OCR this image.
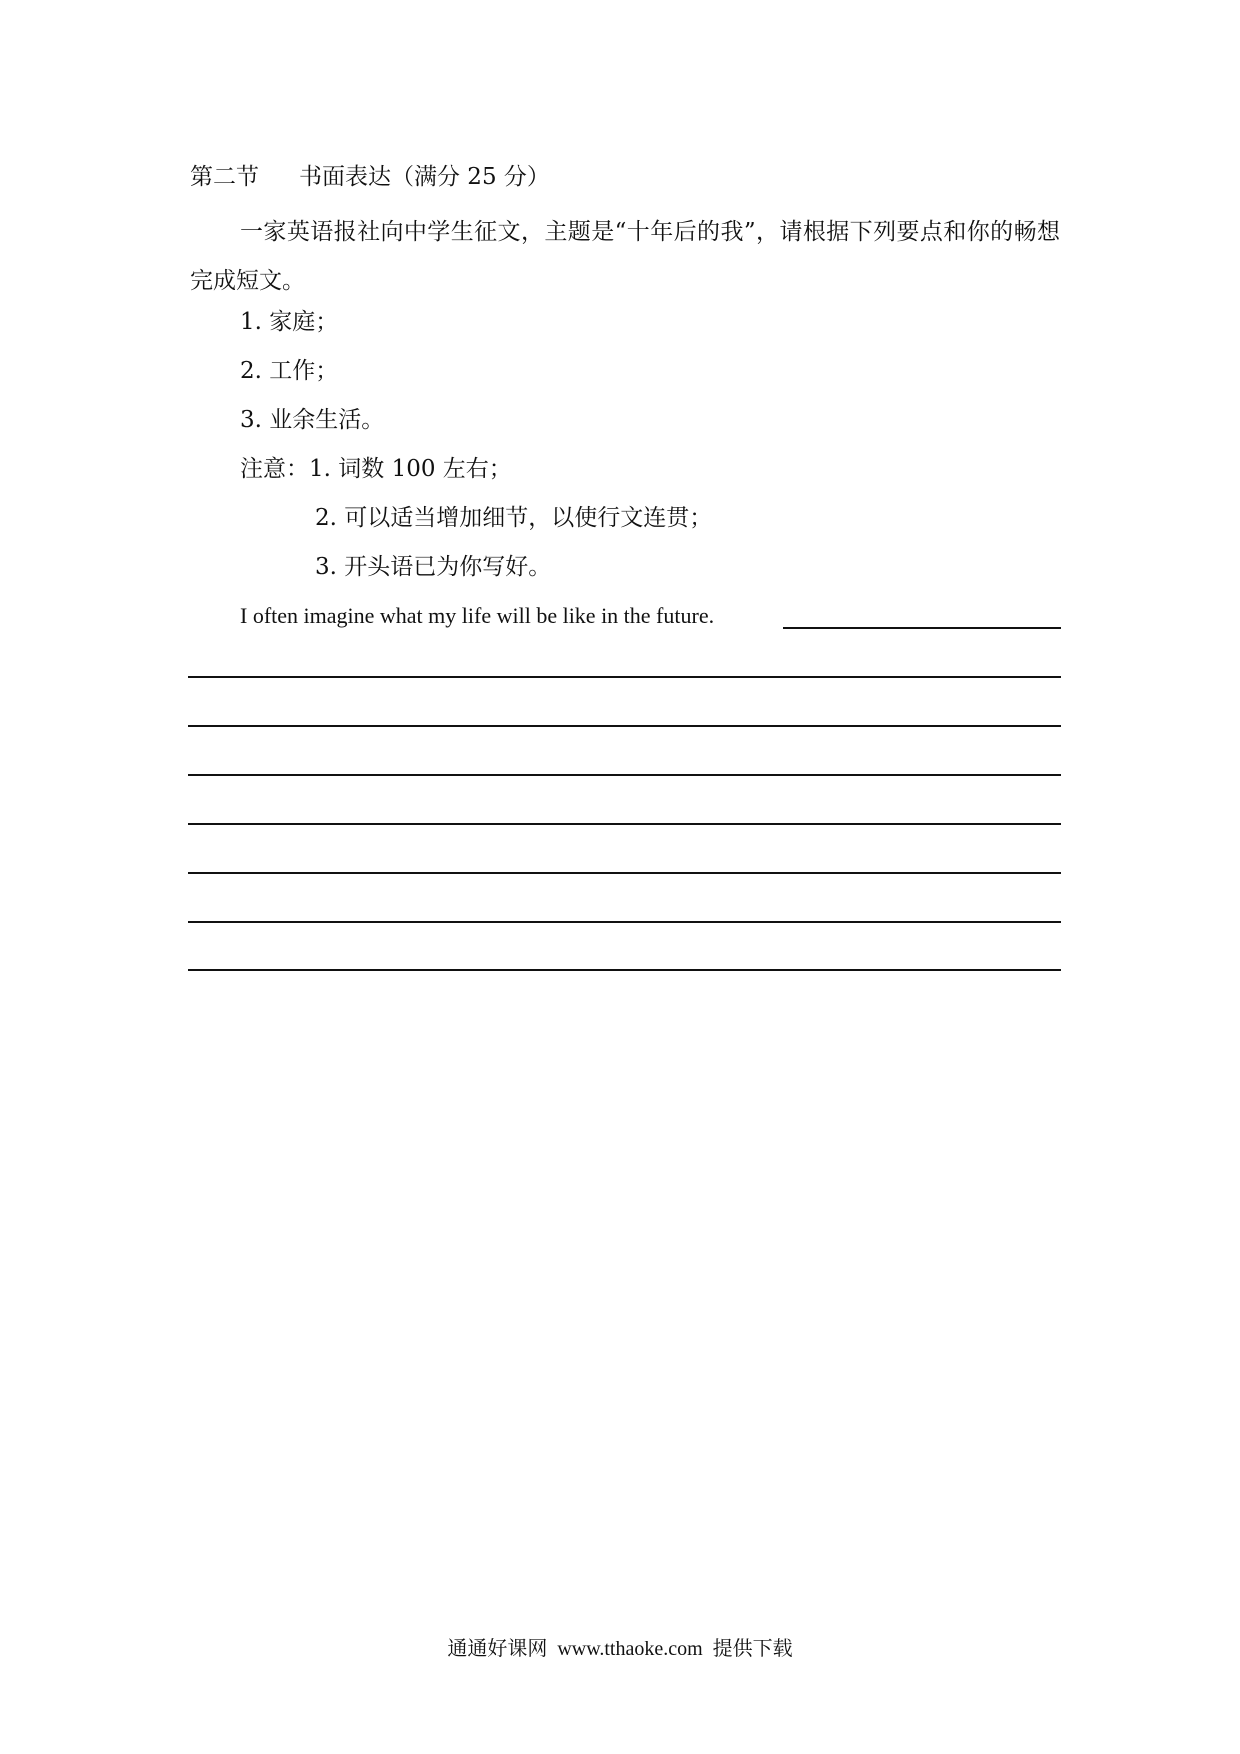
第二节 书面表达（满分 25 分）
一家英语报社向中学生征文，主题是“十年后的我”，请根据下列要点和你的畅想完成短文。
1. 家庭；
2. 工作；
3. 业余生活。
注意：1. 词数 100 左右；
2. 可以适当增加细节，以使行文连贯；
3. 开头语已为你写好。
I often imagine what my life will be like in the future.
通通好课网 www.tthaoke.com 提供下载
